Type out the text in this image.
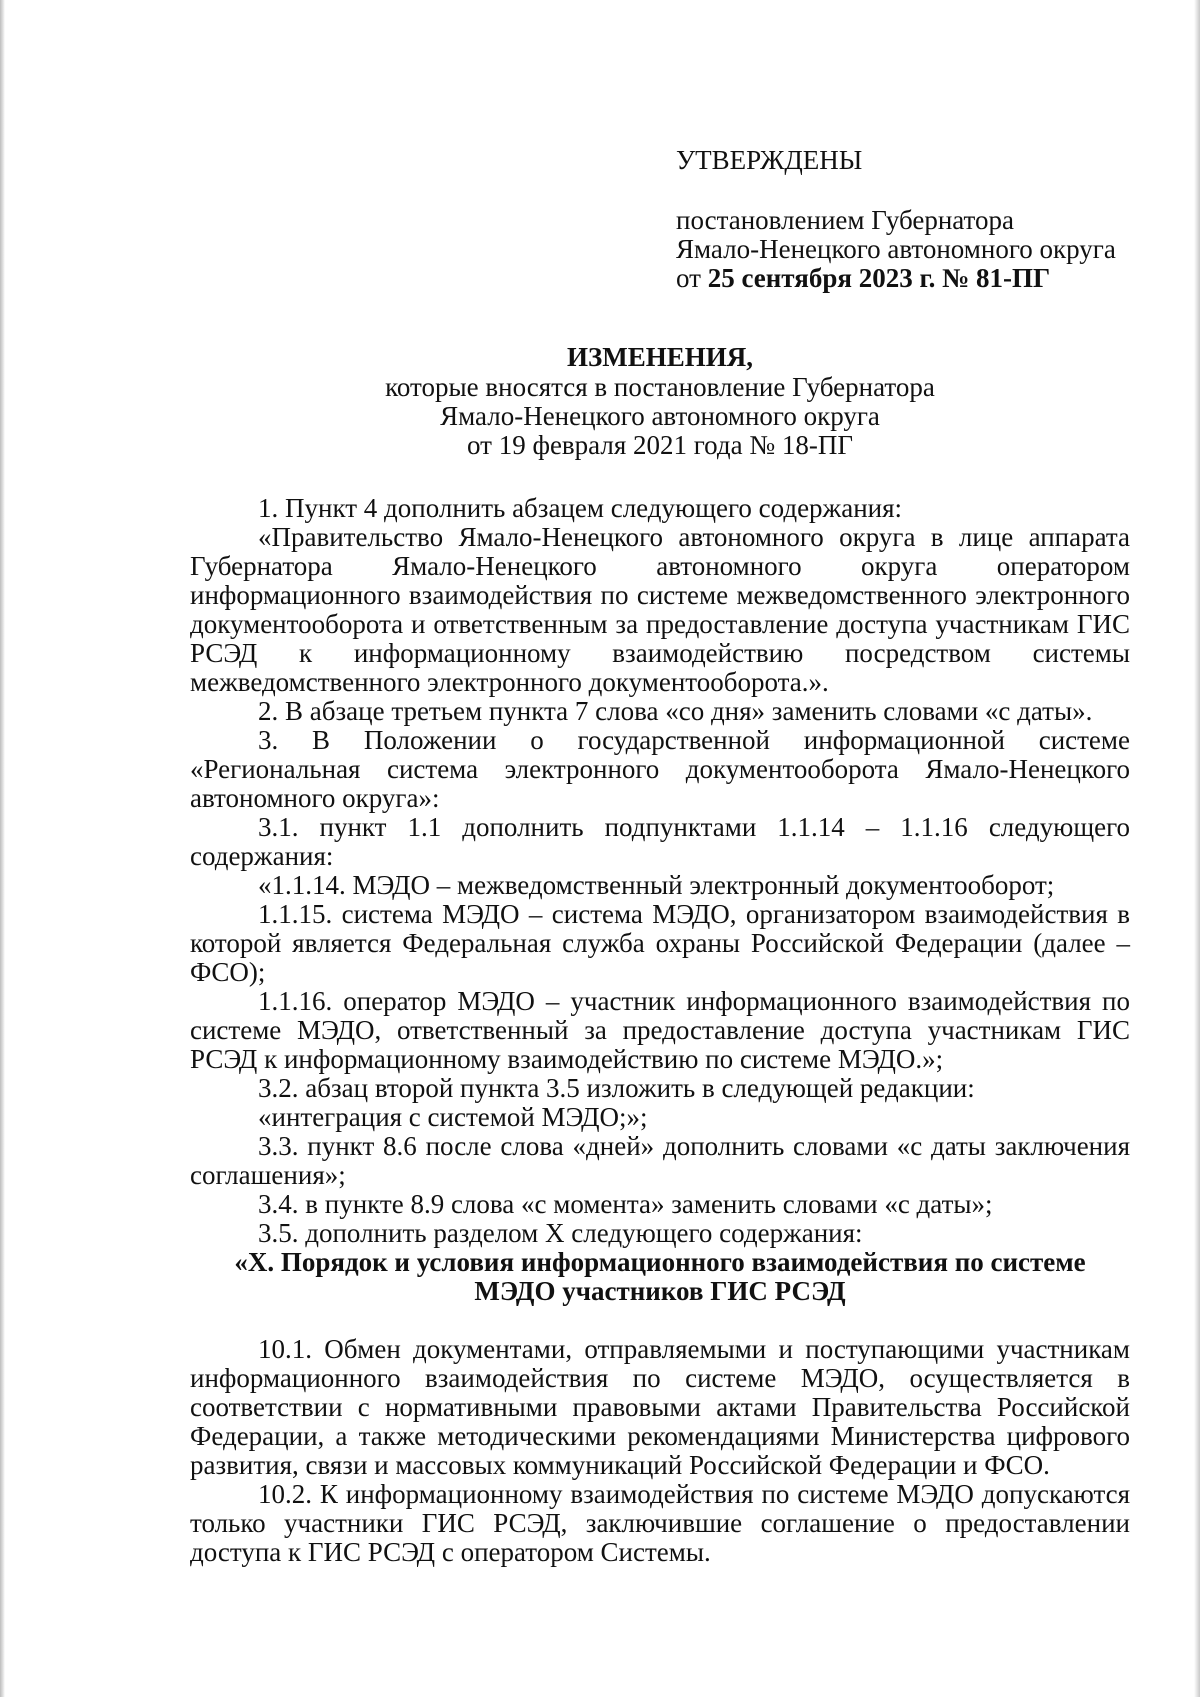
УТВЕРЖДЕНЫ
постановлением Губернатора
Ямало-Ненецкого автономного округа
от 25 сентября 2023 г. № 81-ПГ
ИЗМЕНЕНИЯ,
которые вносятся в постановление Губернатора
Ямало-Ненецкого автономного округа
от 19 февраля 2021 года № 18-ПГ

1. Пункт 4 дополнить абзацем следующего содержания:

«Правительство Ямало-Ненецкого автономного округа в лице аппарата Губернатора Ямало-Ненецкого автономного округа оператором информационного взаимодействия по системе межведомственного электронного документооборота и ответственным за предоставление доступа участникам ГИС РСЭД к информационному взаимодействию посредством системы межведомственного электронного документооборота.».

2. В абзаце третьем пункта 7 слова «со дня» заменить словами «с даты».

3. В Положении о государственной информационной системе «Региональная система электронного документооборота Ямало-Ненецкого автономного округа»:

3.1. пункт 1.1 дополнить подпунктами 1.1.14 – 1.1.16 следующего содержания:

«1.1.14. МЭДО – межведомственный электронный документооборот;

1.1.15. система МЭДО – система МЭДО, организатором взаимодействия в которой является Федеральная служба охраны Российской Федерации (далее – ФСО);

1.1.16. оператор МЭДО – участник информационного взаимодействия по системе МЭДО, ответственный за предоставление доступа участникам ГИС РСЭД к информационному взаимодействию по системе МЭДО.»;

3.2. абзац второй пункта 3.5 изложить в следующей редакции:

«интеграция с системой МЭДО;»;

3.3. пункт 8.6 после слова «дней» дополнить словами «с даты заключения соглашения»;

3.4. в пункте 8.9 слова «с момента» заменить словами «с даты»;

3.5. дополнить разделом X следующего содержания:

«X. Порядок и условия информационного взаимодействия по системе МЭДО участников ГИС РСЭД

10.1. Обмен документами, отправляемыми и поступающими участникам информационного взаимодействия по системе МЭДО, осуществляется в соответствии с нормативными правовыми актами Правительства Российской Федерации, а также методическими рекомендациями Министерства цифрового развития, связи и массовых коммуникаций Российской Федерации и ФСО.

10.2. К информационному взаимодействия по системе МЭДО допускаются только участники ГИС РСЭД, заключившие соглашение о предоставлении доступа к ГИС РСЭД с оператором Системы.
